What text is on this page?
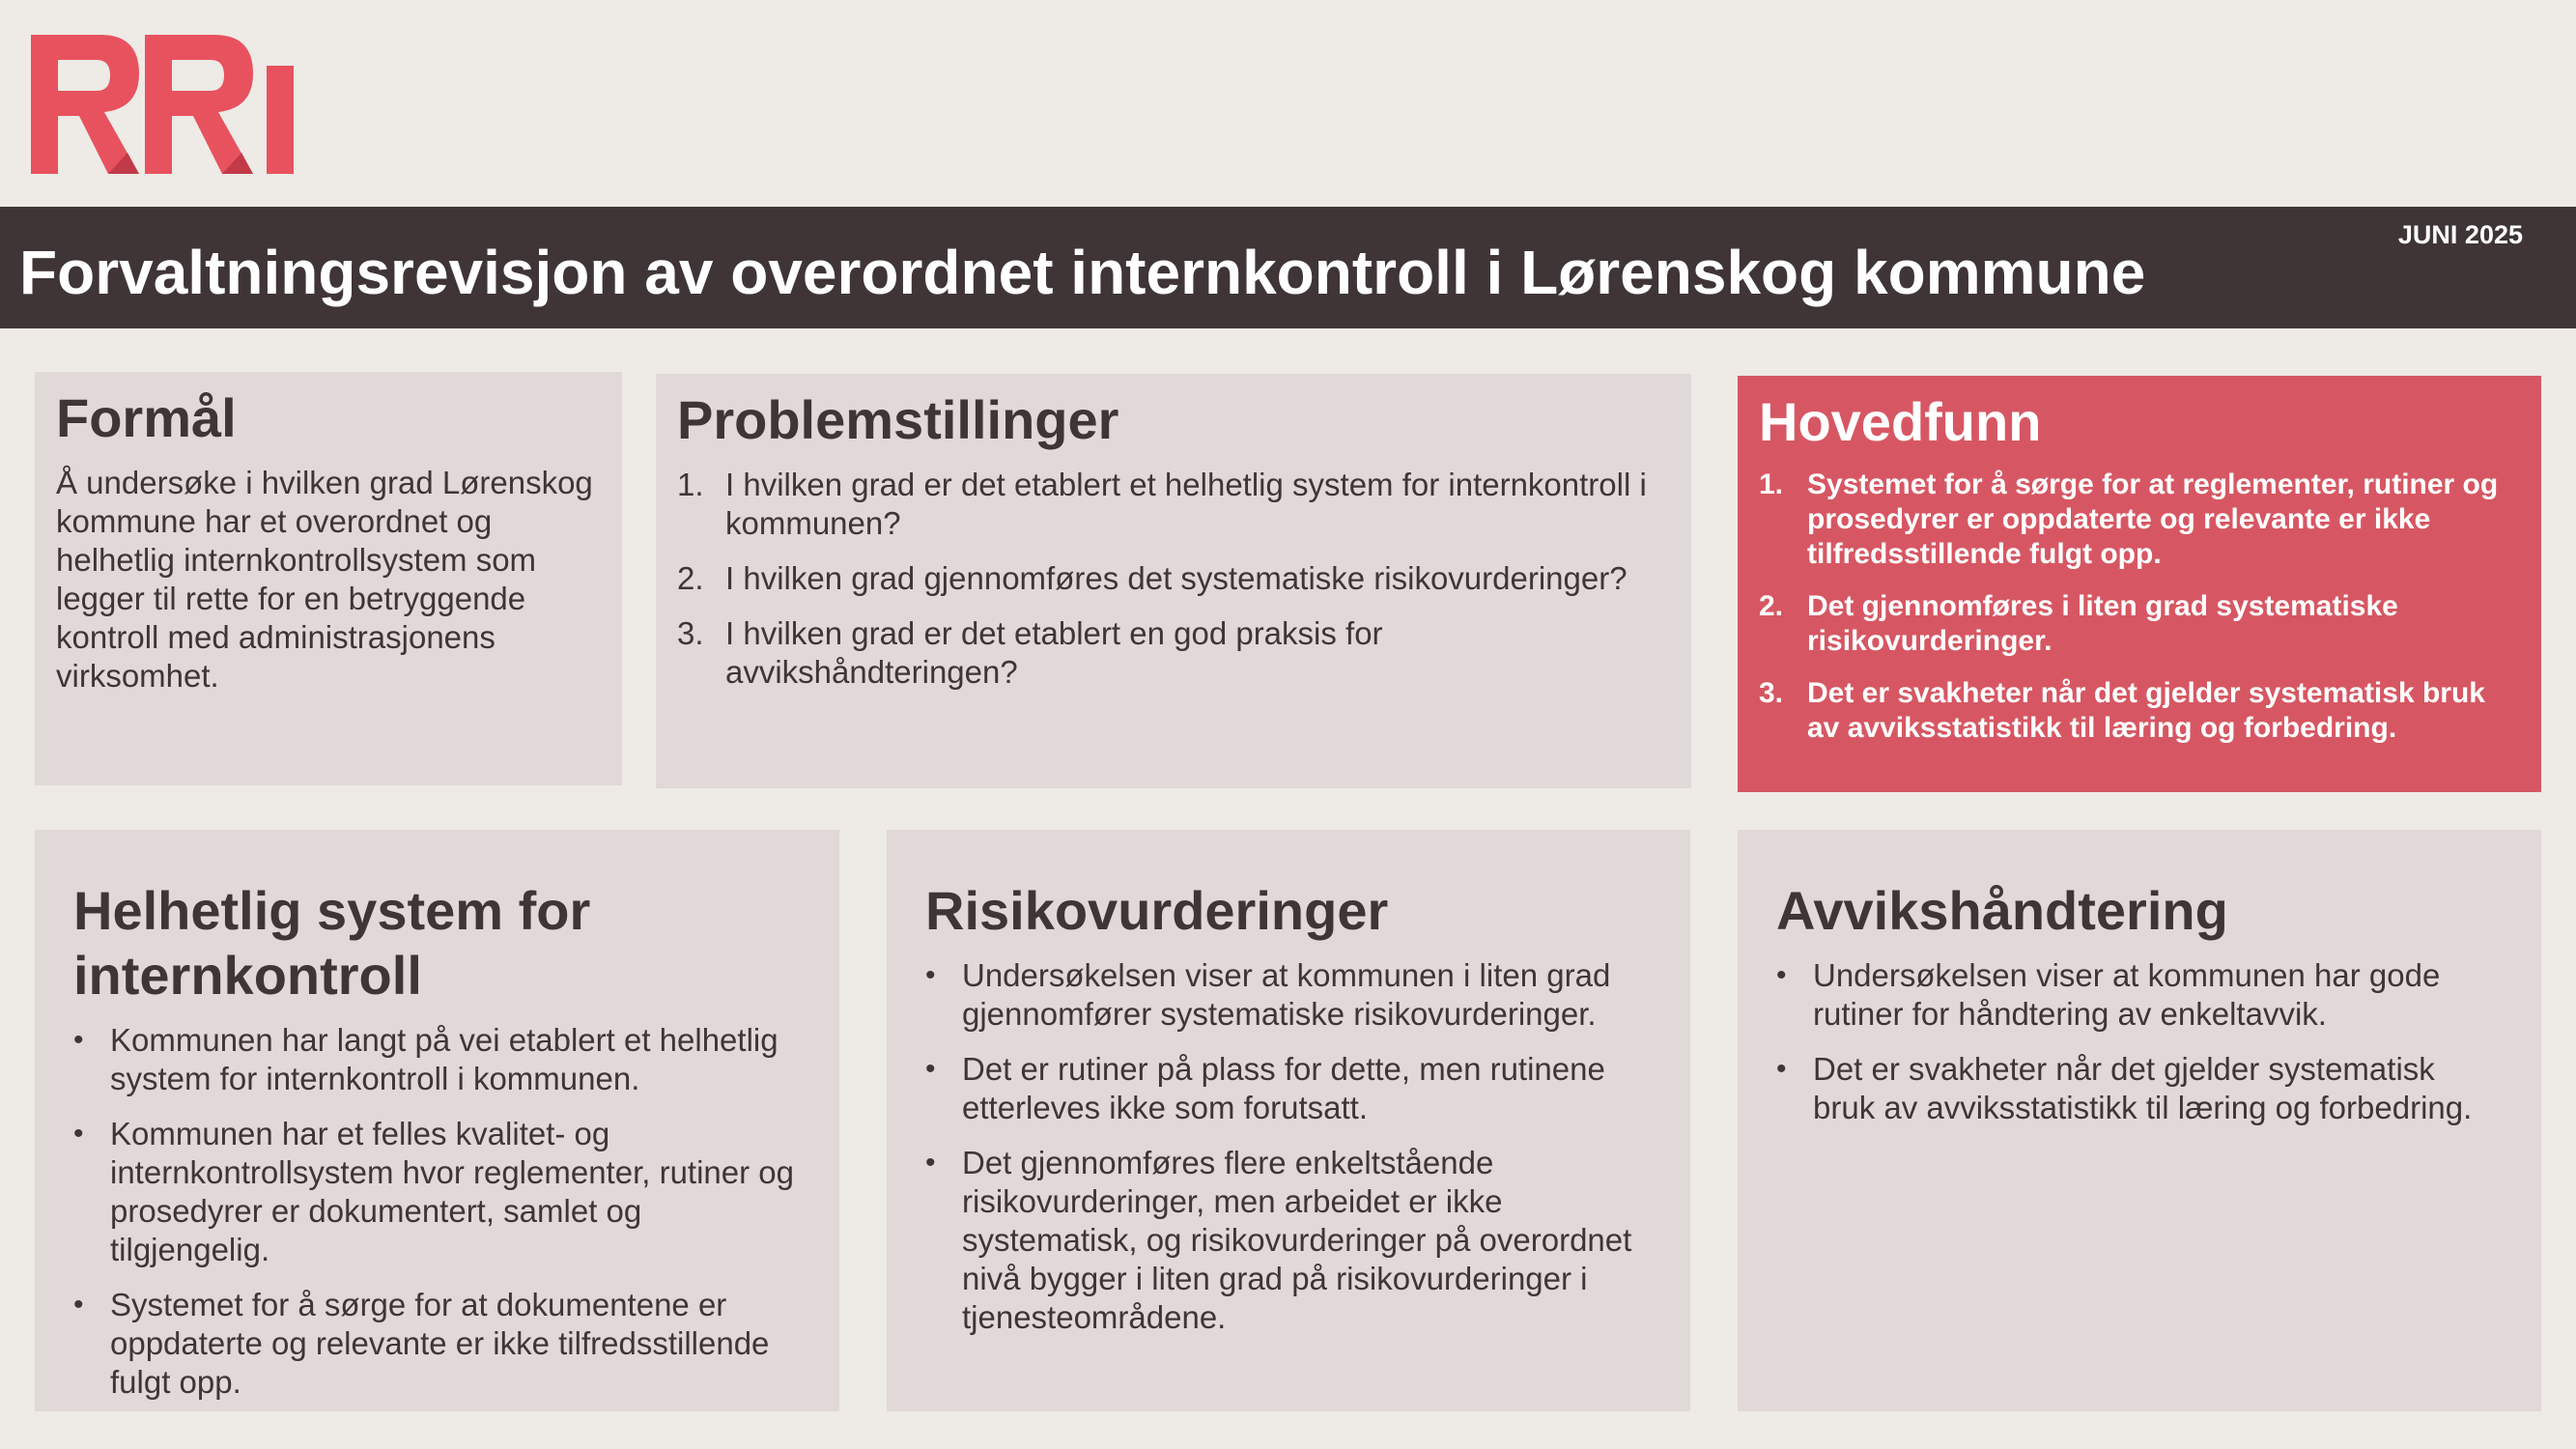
Forvaltningsrevisjon av overordnet internkontroll i Lørenskog kommune
JUNI 2025
Formål

Å undersøke i hvilken grad Lørenskog kommune har et overordnet og helhetlig internkontrollsystem som legger til rette for en betryggende kontroll med administrasjonens virksomhet.

Problemstillinger
1. I hvilken grad er det etablert et helhetlig system for internkontroll i kommunen?
2. I hvilken grad gjennomføres det systematiske risikovurderinger?
3. I hvilken grad er det etablert en god praksis for avvikshåndteringen?
Hovedfunn
1. Systemet for å sørge for at reglementer, rutiner og prosedyrer er oppdaterte og relevante er ikke tilfredsstillende fulgt opp.
2. Det gjennomføres i liten grad systematiske risikovurderinger.
3. Det er svakheter når det gjelder systematisk bruk av avviksstatistikk til læring og forbedring.
Helhetlig system for internkontroll
• Kommunen har langt på vei etablert et helhetlig system for internkontroll i kommunen.
• Kommunen har et felles kvalitet- og internkontrollsystem hvor reglementer, rutiner og prosedyrer er dokumentert, samlet og tilgjengelig.
• Systemet for å sørge for at dokumentene er oppdaterte og relevante er ikke tilfredsstillende fulgt opp.
Risikovurderinger
• Undersøkelsen viser at kommunen i liten grad gjennomfører systematiske risikovurderinger.
• Det er rutiner på plass for dette, men rutinene etterleves ikke som forutsatt.
• Det gjennomføres flere enkeltstående risikovurderinger, men arbeidet er ikke systematisk, og risikovurderinger på overordnet nivå bygger i liten grad på risikovurderinger i tjenesteområdene.
Avvikshåndtering
• Undersøkelsen viser at kommunen har gode rutiner for håndtering av enkeltavvik.
• Det er svakheter når det gjelder systematisk bruk av avviksstatistikk til læring og forbedring.
